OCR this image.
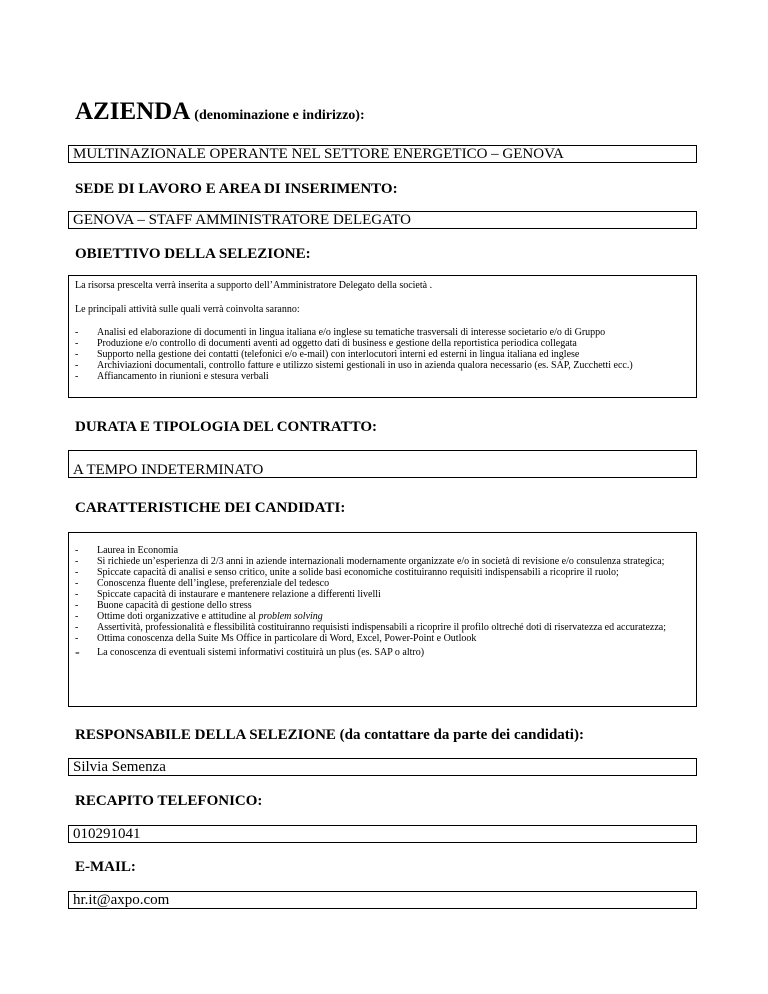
AZIENDA (denominazione e indirizzo):
MULTINAZIONALE OPERANTE NEL SETTORE ENERGETICO – GENOVA
SEDE DI LAVORO E AREA DI INSERIMENTO:
GENOVA – STAFF AMMINISTRATORE DELEGATO
OBIETTIVO DELLA SELEZIONE:
La risorsa prescelta verrà inserita a supporto dell’Amministratore Delegato della società .
Le principali attività sulle quali verrà coinvolta saranno:
- Analisi ed elaborazione di documenti in lingua italiana e/o inglese su tematiche trasversali di interesse societario e/o di Gruppo
- Produzione e/o controllo di documenti aventi ad oggetto dati di business e gestione della reportistica periodica collegata
- Supporto nella gestione dei contatti (telefonici e/o e-mail) con interlocutori interni ed esterni in lingua italiana ed inglese
- Archiviazioni documentali, controllo fatture e utilizzo sistemi gestionali in uso in azienda qualora necessario (es. SAP, Zucchetti ecc.)
- Affiancamento in riunioni e stesura verbali
DURATA E TIPOLOGIA DEL CONTRATTO:
A TEMPO INDETERMINATO
CARATTERISTICHE DEI CANDIDATI:
- Laurea in Economia
- Si richiede un’esperienza di 2/3 anni in aziende internazionali modernamente organizzate e/o in società di revisione e/o consulenza strategica;
- Spiccate capacità di analisi e senso critico, unite a solide basi economiche costituiranno requisiti indispensabili a ricoprire il ruolo;
- Conoscenza fluente dell’inglese, preferenziale del tedesco
- Spiccate capacità di instaurare e mantenere relazione a differenti livelli
- Buone capacità di gestione dello stress
- Ottime doti organizzative e attitudine al problem solving
- Assertività, professionalità e flessibilità costituiranno requisisti indispensabili a ricoprire il profilo oltreché doti di riservatezza ed accuratezza;
- Ottima conoscenza della Suite Ms Office in particolare di Word, Excel, Power-Point e Outlook
- La conoscenza di eventuali sistemi informativi costituirà un plus (es. SAP o altro)
RESPONSABILE DELLA SELEZIONE (da contattare da parte dei candidati):
Silvia Semenza
RECAPITO TELEFONICO:
010291041
E-MAIL:
hr.it@axpo.com
